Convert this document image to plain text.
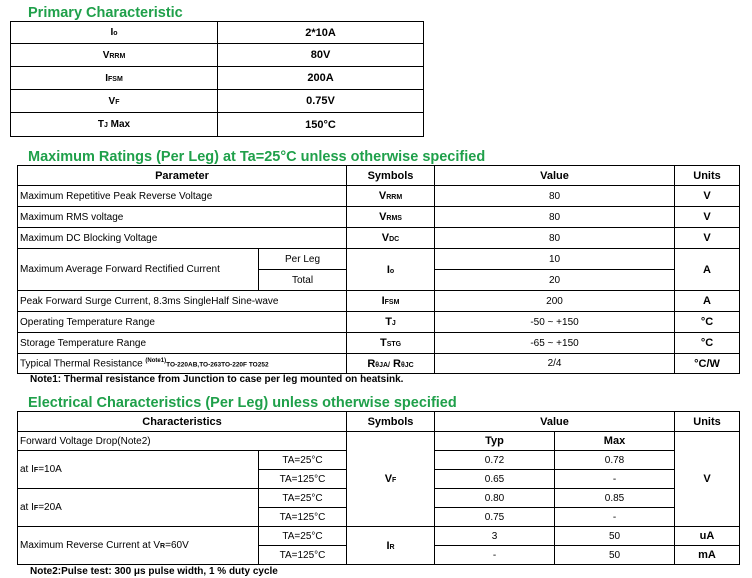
Primary Characteristic
Io	2*10A
VRRM	80V
IFSM	200A
VF	0.75V
TJ Max	150°C
Maximum Ratings (Per Leg) at Ta=25°C unless otherwise specified
Parameter		Symbols	Value	Units
Maximum Repetitive Peak Reverse Voltage		VRRM	80	V
Maximum RMS voltage		VRMS	80	V
Maximum DC Blocking Voltage		VDC	80	V
Maximum Average Forward Rectified Current	Per Leg	Io	10	A
	Total		20	
Peak Forward Surge Current, 8.3ms SingleHalf Sine-wave		IFSM	200	A
Operating Temperature Range		TJ	-50 ~ +150	°C
Storage Temperature Range		TSTG	-65 ~ +150	°C
Typical Thermal Resistance $^{(Note1)}$TO-220AB,TO-263TO-220F TO252		RθJA/ RθJC	2/4	°C/W
Note1: Thermal resistance from Junction to case per leg mounted on heatsink.
Electrical Characteristics (Per Leg) unless otherwise specified
Characteristics		Symbols	Value		Units
Forward Voltage Drop(Note2)		VF	Typ	Max	V
at IF=10A	TA=25°C		0.72	0.78	
	TA=125°C		0.65	-	
at IF=20A	TA=25°C		0.80	0.85	
	TA=125°C		0.75	-	
Maximum Reverse Current at VR=60V	TA=25°C	IR	3	50	uA
	TA=125°C		-	50	mA
Note2:Pulse test: 300 μs pulse width, 1 % duty cycle
